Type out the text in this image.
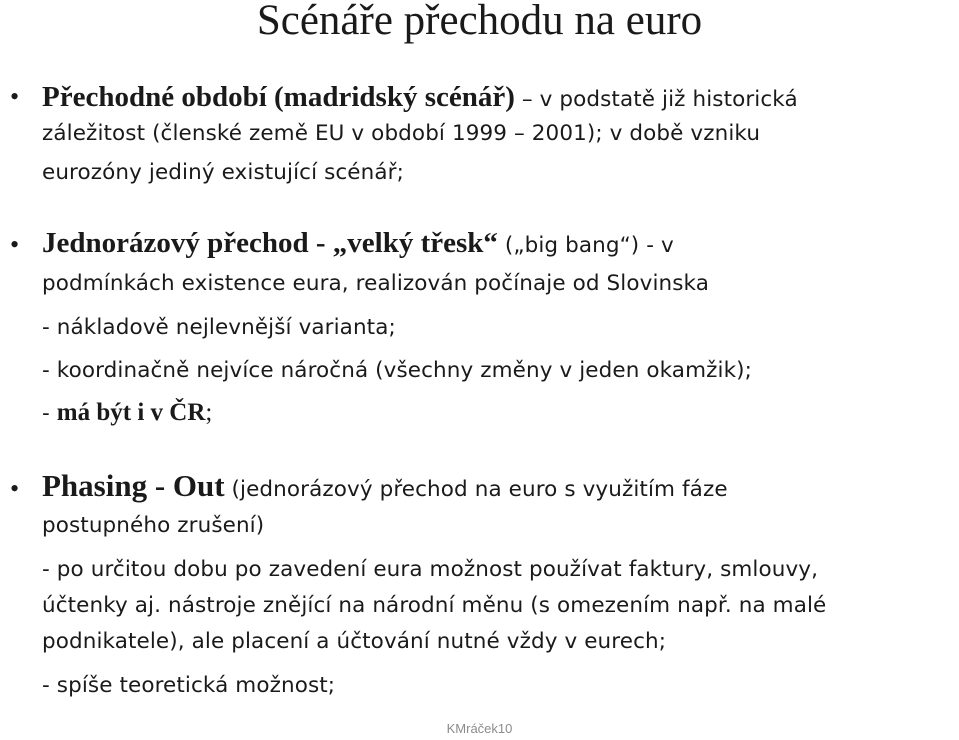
Scénáře přechodu na euro
• Přechodné období (madridský scénář) – v podstatě již historická
záležitost (členské země EU v období 1999 – 2001); v době vzniku
eurozóny jediný existující scénář;
• Jednorázový přechod - „velký třesk“ („big bang“) - v
podmínkách existence eura, realizován počínaje od Slovinska
- nákladově nejlevnější varianta;
- koordinačně nejvíce náročná (všechny změny v jeden okamžik);
- má být i v ČR;
• Phasing - Out (jednorázový přechod na euro s využitím fáze
postupného zrušení)
- po určitou dobu po zavedení eura možnost používat faktury, smlouvy,
účtenky aj. nástroje znějící na národní měnu (s omezením např. na malé
podnikatele), ale placení a účtování nutné vždy v eurech;
- spíše teoretická možnost;
KMráček10
